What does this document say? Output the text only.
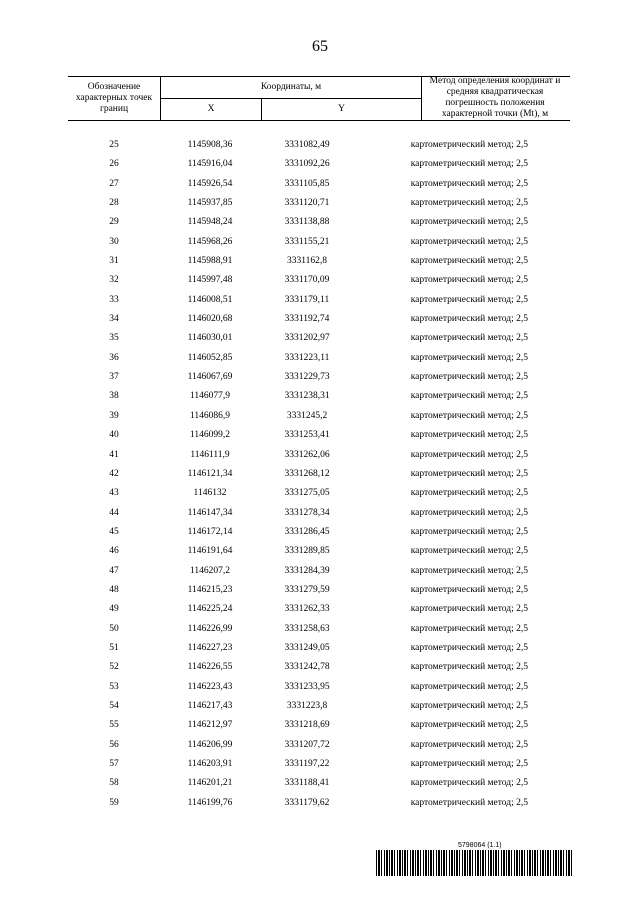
65
Обозначение характерных точек границ
Координаты, м
X	Y
Метод определения координат и средняя квадратическая погрешность положения характерной точки (Mt), м
25	1145908,36	3331082,49	картометрический метод; 2,5
26	1145916,04	3331092,26	картометрический метод; 2,5
27	1145926,54	3331105,85	картометрический метод; 2,5
28	1145937,85	3331120,71	картометрический метод; 2,5
29	1145948,24	3331138,88	картометрический метод; 2,5
30	1145968,26	3331155,21	картометрический метод; 2,5
31	1145988,91	3331162,8	картометрический метод; 2,5
32	1145997,48	3331170,09	картометрический метод; 2,5
33	1146008,51	3331179,11	картометрический метод; 2,5
34	1146020,68	3331192,74	картометрический метод; 2,5
35	1146030,01	3331202,97	картометрический метод; 2,5
36	1146052,85	3331223,11	картометрический метод; 2,5
37	1146067,69	3331229,73	картометрический метод; 2,5
38	1146077,9	3331238,31	картометрический метод; 2,5
39	1146086,9	3331245,2	картометрический метод; 2,5
40	1146099,2	3331253,41	картометрический метод; 2,5
41	1146111,9	3331262,06	картометрический метод; 2,5
42	1146121,34	3331268,12	картометрический метод; 2,5
43	1146132	3331275,05	картометрический метод; 2,5
44	1146147,34	3331278,34	картометрический метод; 2,5
45	1146172,14	3331286,45	картометрический метод; 2,5
46	1146191,64	3331289,85	картометрический метод; 2,5
47	1146207,2	3331284,39	картометрический метод; 2,5
48	1146215,23	3331279,59	картометрический метод; 2,5
49	1146225,24	3331262,33	картометрический метод; 2,5
50	1146226,99	3331258,63	картометрический метод; 2,5
51	1146227,23	3331249,05	картометрический метод; 2,5
52	1146226,55	3331242,78	картометрический метод; 2,5
53	1146223,43	3331233,95	картометрический метод; 2,5
54	1146217,43	3331223,8	картометрический метод; 2,5
55	1146212,97	3331218,69	картометрический метод; 2,5
56	1146206,99	3331207,72	картометрический метод; 2,5
57	1146203,91	3331197,22	картометрический метод; 2,5
58	1146201,21	3331188,41	картометрический метод; 2,5
59	1146199,76	3331179,62	картометрический метод; 2,5
5798064 (1.1)
